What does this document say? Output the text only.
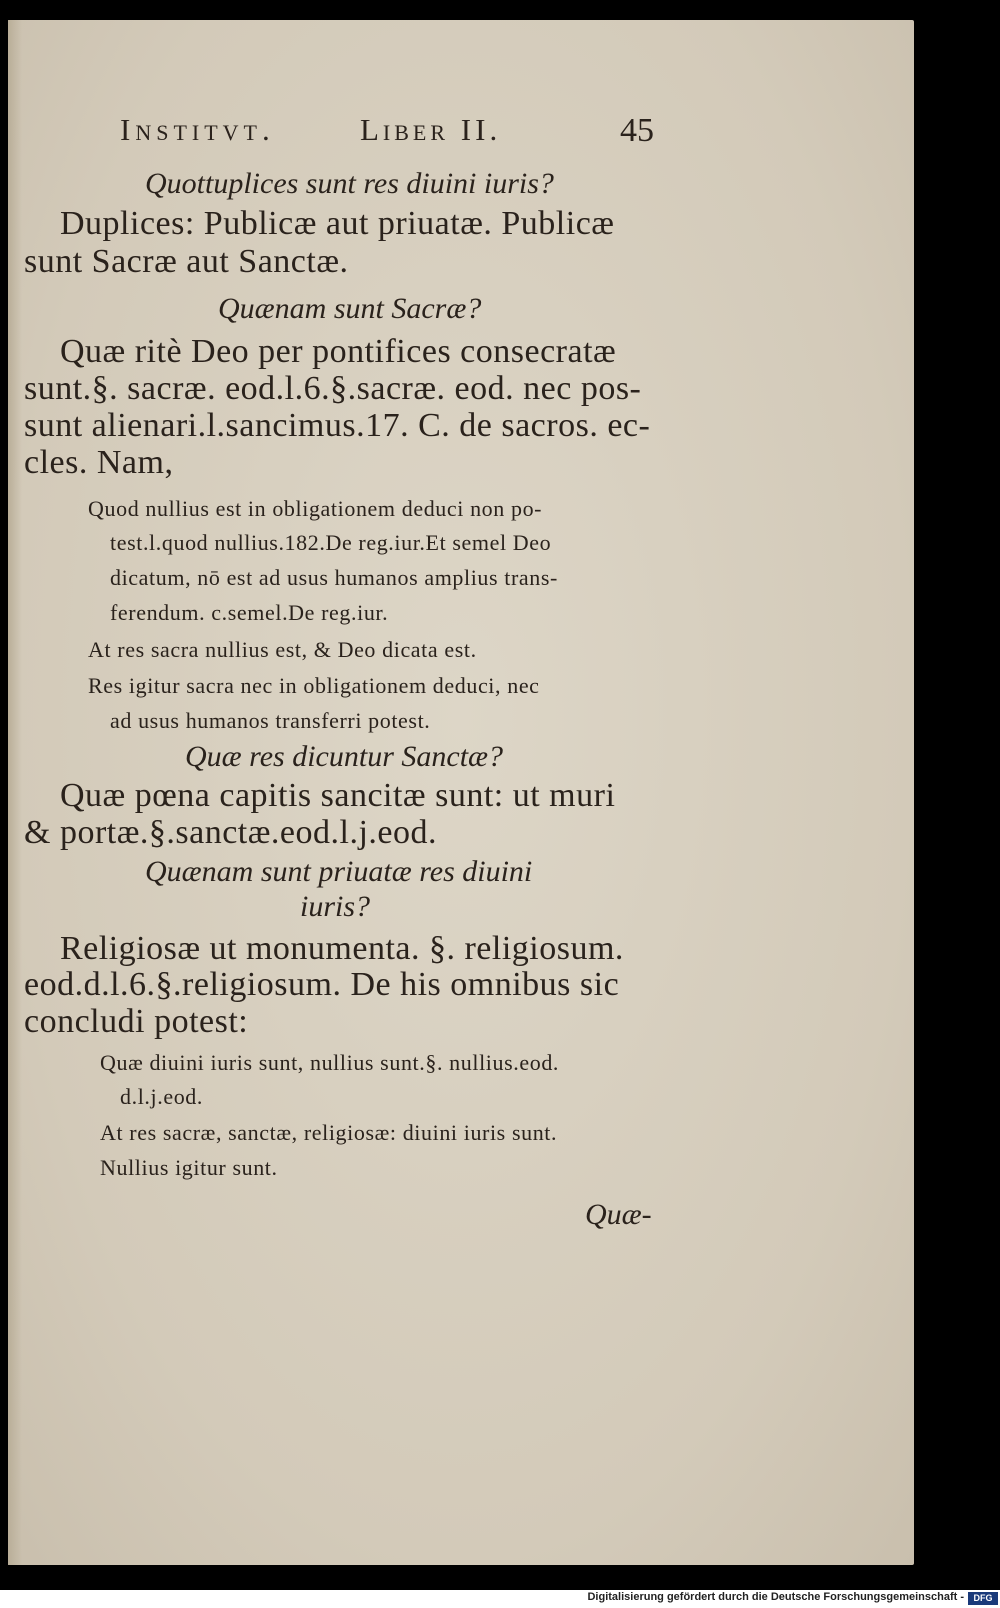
Institvt.	Liber II.	45
Quottuplices sunt res diuini iuris?
Duplices: Publicæ aut priuatæ. Publicæ
sunt Sacræ aut Sanctæ.
Quænam sunt Sacræ?
Quæ ritè Deo per pontifices consecratæ
sunt.§. sacræ. eod.l.6.§.sacræ. eod. nec pos-
sunt alienari.l.sancimus.17. C. de sacros. ec-
cles. Nam,
Quod nullius est in obligationem deduci non po-
test.l.quod nullius.182.De reg.iur.Et semel Deo
dicatum, nō est ad usus humanos amplius trans-
ferendum. c.semel.De reg.iur.
At res sacra nullius est, & Deo dicata est.
Res igitur sacra nec in obligationem deduci, nec
ad usus humanos transferri potest.
Quæ res dicuntur Sanctæ?
Quæ pœna capitis sancitæ sunt: ut muri
& portæ.§.sanctæ.eod.l.j.eod.
Quænam sunt priuatæ res diuini
iuris?
Religiosæ ut monumenta. §. religiosum.
eod.d.l.6.§.religiosum. De his omnibus sic
concludi potest:
Quæ diuini iuris sunt, nullius sunt.§. nullius.eod.
d.l.j.eod.
At res sacræ, sanctæ, religiosæ: diuini iuris sunt.
Nullius igitur sunt.
Quæ-
Digitalisierung gefördert durch die Deutsche Forschungsgemeinschaft -	DFG
